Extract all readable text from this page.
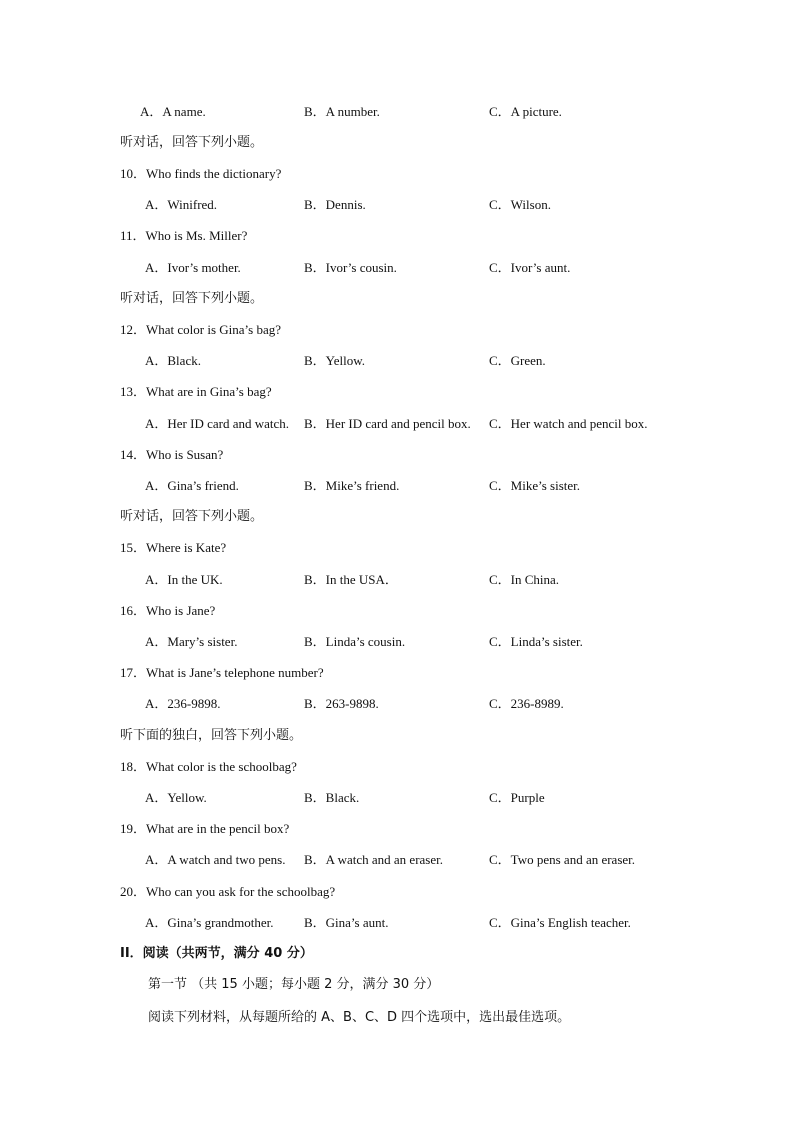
A．A name.	B．A number.	C．A picture.
听对话，回答下列小题。
10．Who finds the dictionary?
A．Winifred.	B．Dennis.	C．Wilson.
11．Who is Ms. Miller?
A．Ivor’s mother.	B．Ivor’s cousin.	C．Ivor’s aunt.
听对话，回答下列小题。
12．What color is Gina’s bag?
A．Black.	B．Yellow.	C．Green.
13．What are in Gina’s bag?
A．Her ID card and watch. B．Her ID card and pencil box. C．Her watch and pencil box.
14．Who is Susan?
A．Gina’s friend.	B．Mike’s friend.	C．Mike’s sister.
听对话，回答下列小题。
15．Where is Kate?
A．In the UK.	B．In the USA．	C．In China.
16．Who is Jane?
A．Mary’s sister.	B．Linda’s cousin.	C．Linda’s sister.
17．What is Jane’s telephone number?
A．236-9898.	B．263-9898.	C．236-8989.
听下面的独白，回答下列小题。
18．What color is the schoolbag?
A．Yellow.	B．Black.	C．Purple
19．What are in the pencil box?
A．A watch and two pens. B．A watch and an eraser.	C．Two pens and an eraser.
20．Who can you ask for the schoolbag?
A．Gina’s grandmother. B．Gina’s aunt.	C．Gina’s English teacher.
II．阅读（共两节，满分 40 分）
第一节 （共 15 小题；每小题 2 分，满分 30 分）
阅读下列材料，从每题所给的 A、B、C、D 四个选项中，选出最佳选项。
